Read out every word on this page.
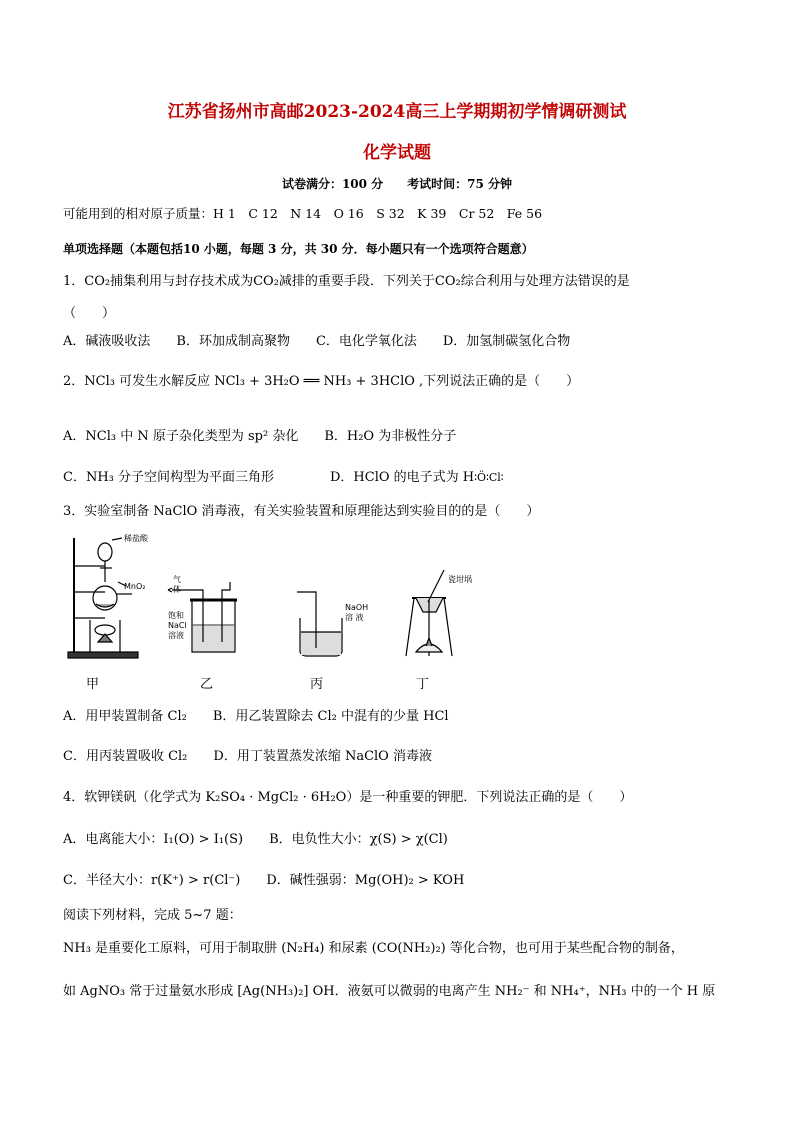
江苏省扬州市高邮2023-2024高三上学期期初学情调研测试
化学试题
试卷满分：100 分　　考试时间：75 分钟
可能用到的相对原子质量：H 1　C 12　N 14　O 16　S 32　K 39　Cr 52　Fe 56
单项选择题（本题包括10 小题，每题 3 分，共 30 分．每小题只有一个选项符合题意）
1．CO₂捕集利用与封存技术成为CO₂减排的重要手段．下列关于CO₂综合利用与处理方法错误的是
（　　）
A．碱液吸收法　　B．环加成制高聚物　　C．电化学氧化法　　D．加氢制碳氢化合物
2．NCl₃ 可发生水解反应 NCl₃ + 3H₂O ══ NH₃ + 3HClO ,下列说法正确的是（　　）
A．NCl₃ 中 N 原子杂化类型为 sp² 杂化　　B．H₂O 为非极性分子
C．NH₃ 分子空间构型为平面三角形	D．HClO 的电子式为 H∶Ö∶Cl∶
3．实验室制备 NaClO 消毒液，有关实验装置和原理能达到实验目的的是（　　）
稀盐酸
MnO₂
气
体
饱和
NaCl
溶液
NaOH
溶 液
瓷坩埚
甲	乙	丙	丁
A．用甲装置制备 Cl₂　　B．用乙装置除去 Cl₂ 中混有的少量 HCl
C．用丙装置吸收 Cl₂　　D．用丁装置蒸发浓缩 NaClO 消毒液
4．软钾镁矾（化学式为 K₂SO₄ · MgCl₂ · 6H₂O）是一种重要的钾肥．下列说法正确的是（　　）
A．电离能大小：I₁(O) > I₁(S)　　B．电负性大小：χ(S) > χ(Cl)
C．半径大小：r(K⁺) > r(Cl⁻)　　D．碱性强弱：Mg(OH)₂ > KOH
阅读下列材料，完成 5~7 题：
NH₃ 是重要化工原料，可用于制取肼 (N₂H₄) 和尿素 (CO(NH₂)₂) 等化合物，也可用于某些配合物的制备，
如 AgNO₃ 常于过量氨水形成 [Ag(NH₃)₂] OH．液氨可以微弱的电离产生 NH₂⁻ 和 NH₄⁺，NH₃ 中的一个 H 原
